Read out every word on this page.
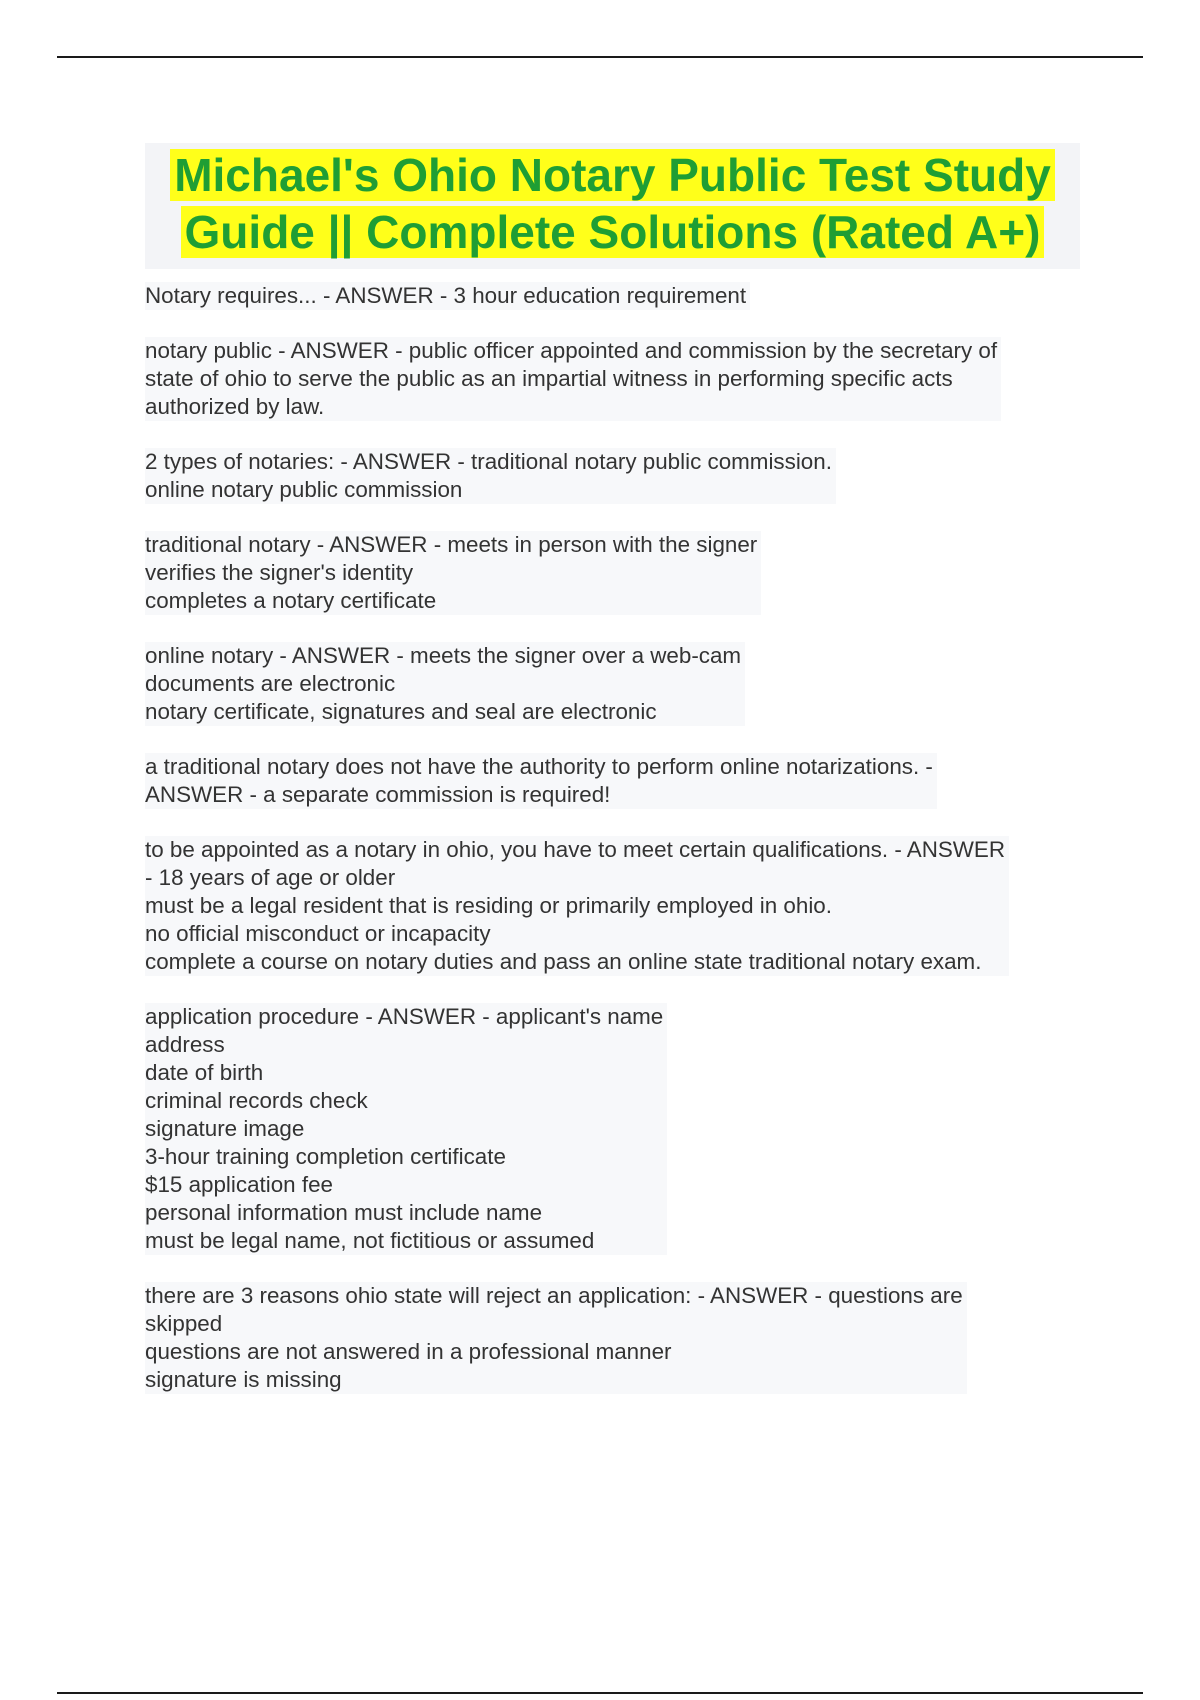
Michael's Ohio Notary Public Test Study
Guide || Complete Solutions (Rated A+)
Notary requires... - ANSWER - 3 hour education requirement
notary public - ANSWER - public officer appointed and commission by the secretary of
state of ohio to serve the public as an impartial witness in performing specific acts
authorized by law.
2 types of notaries: - ANSWER - traditional notary public commission.
online notary public commission
traditional notary - ANSWER - meets in person with the signer
verifies the signer's identity
completes a notary certificate
online notary - ANSWER - meets the signer over a web-cam
documents are electronic
notary certificate, signatures and seal are electronic
a traditional notary does not have the authority to perform online notarizations. -
ANSWER - a separate commission is required!
to be appointed as a notary in ohio, you have to meet certain qualifications. - ANSWER
- 18 years of age or older
must be a legal resident that is residing or primarily employed in ohio.
no official misconduct or incapacity
complete a course on notary duties and pass an online state traditional notary exam.
application procedure - ANSWER - applicant's name
address
date of birth
criminal records check
signature image
3-hour training completion certificate
$15 application fee
personal information must include name
must be legal name, not fictitious or assumed
there are 3 reasons ohio state will reject an application: - ANSWER - questions are
skipped
questions are not answered in a professional manner
signature is missing
